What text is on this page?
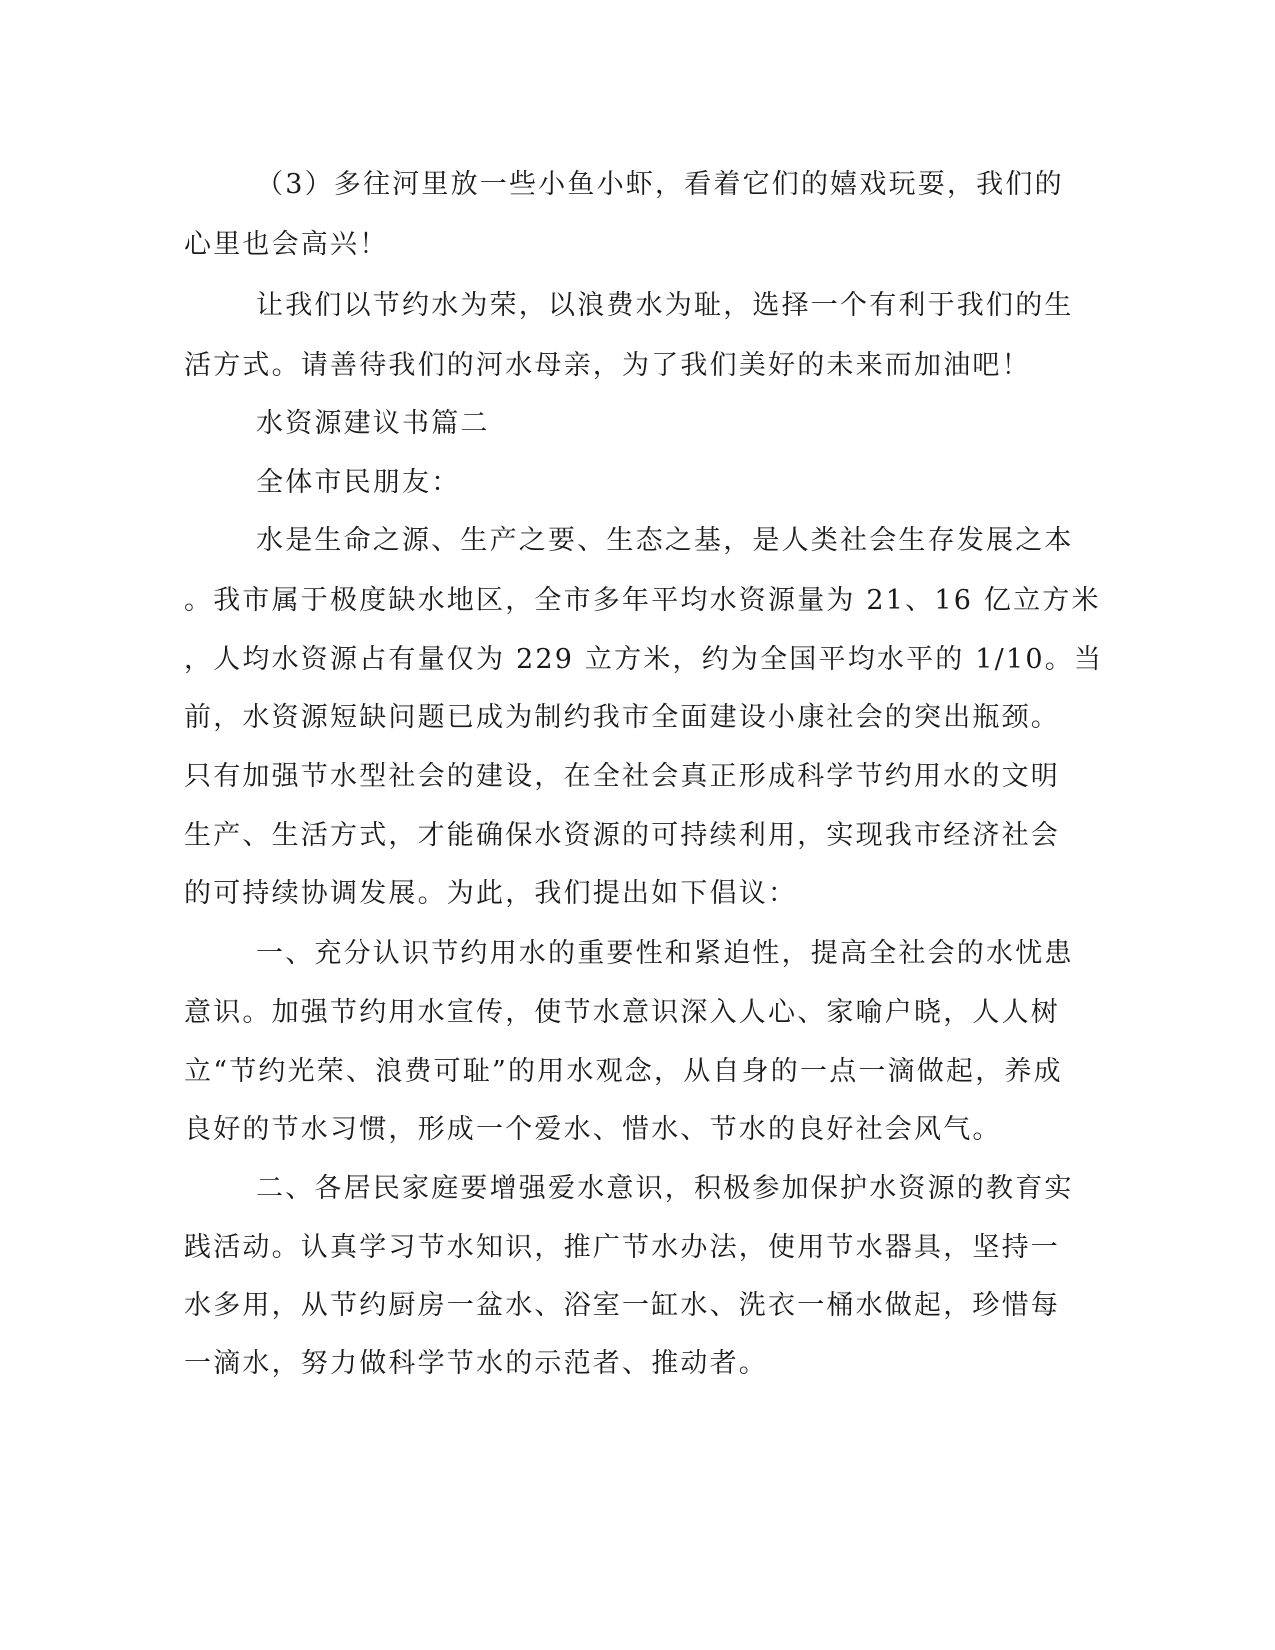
（3）多往河里放一些小鱼小虾，看着它们的嬉戏玩耍，我们的
心里也会高兴！
让我们以节约水为荣，以浪费水为耻，选择一个有利于我们的生
活方式。请善待我们的河水母亲，为了我们美好的未来而加油吧！
水资源建议书篇二
全体市民朋友：
水是生命之源、生产之要、生态之基，是人类社会生存发展之本
。我市属于极度缺水地区，全市多年平均水资源量为 21、16 亿立方米
，人均水资源占有量仅为 229 立方米，约为全国平均水平的 1/10。当
前，水资源短缺问题已成为制约我市全面建设小康社会的突出瓶颈。
只有加强节水型社会的建设，在全社会真正形成科学节约用水的文明
生产、生活方式，才能确保水资源的可持续利用，实现我市经济社会
的可持续协调发展。为此，我们提出如下倡议：
一、充分认识节约用水的重要性和紧迫性，提高全社会的水忧患
意识。加强节约用水宣传，使节水意识深入人心、家喻户晓，人人树
立“节约光荣、浪费可耻”的用水观念，从自身的一点一滴做起，养成
良好的节水习惯，形成一个爱水、惜水、节水的良好社会风气。
二、各居民家庭要增强爱水意识，积极参加保护水资源的教育实
践活动。认真学习节水知识，推广节水办法，使用节水器具，坚持一
水多用，从节约厨房一盆水、浴室一缸水、洗衣一桶水做起，珍惜每
一滴水，努力做科学节水的示范者、推动者。
